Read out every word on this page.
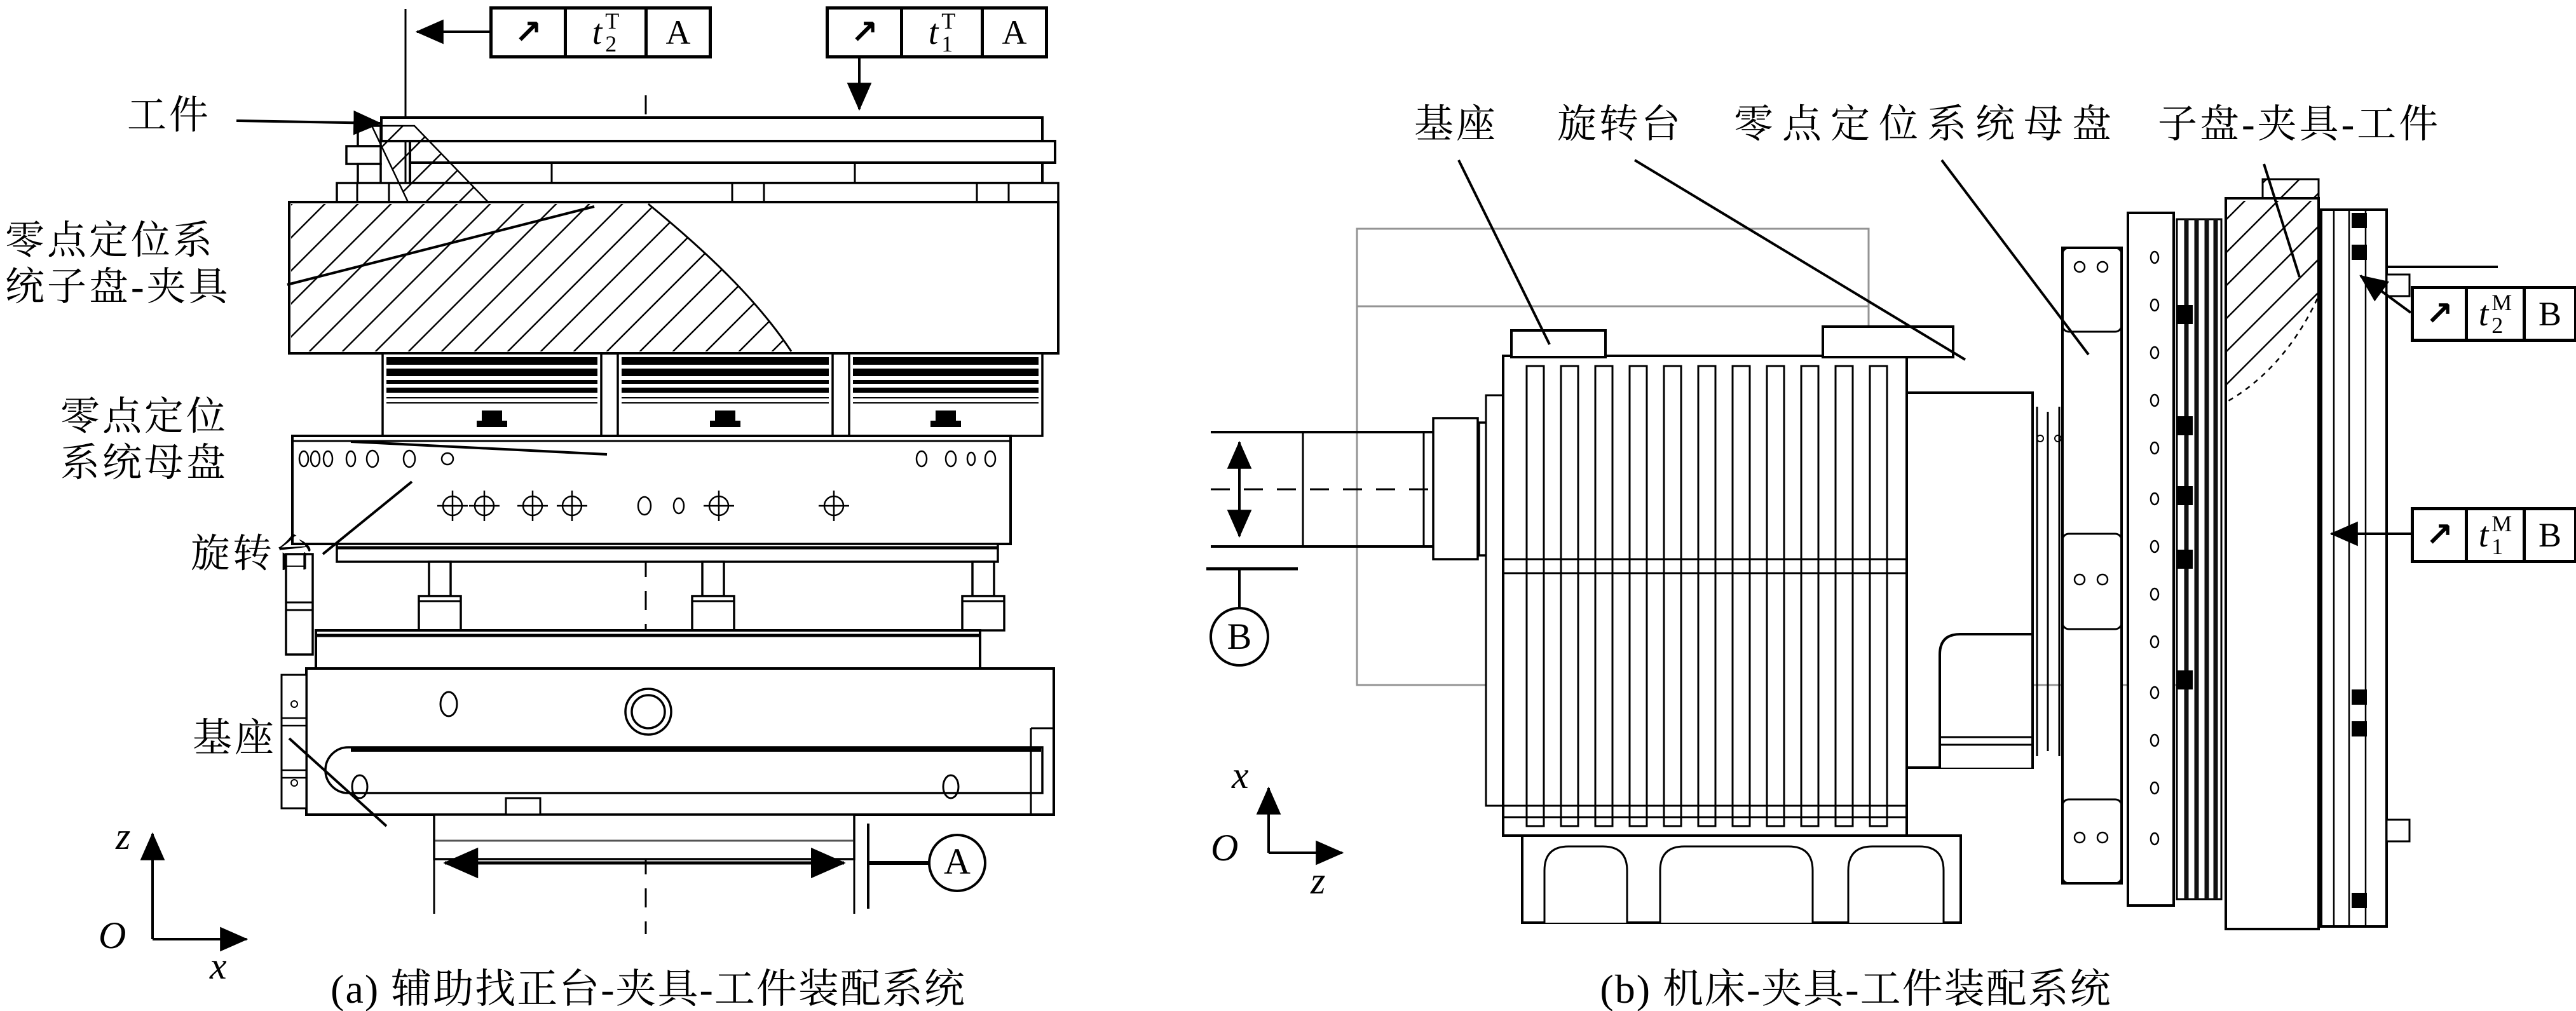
工件
零点定位系
统子盘-夹具
零点定位
系统母盘
旋转台
基座
z
O
x
A
↗	t T
2	A	↗	t T
1	A
(a) 辅助找正台-夹具-工件装配系统
基座 旋转台 零点定位系统母盘 子盘-夹具-工件
x
O
z
B
↗ t M
2	B
↗ t M
1	B
(b) 机床-夹具-工件装配系统
